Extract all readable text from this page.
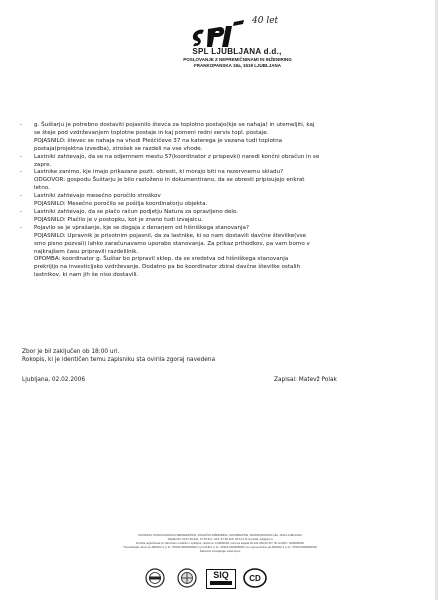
40 let
SPL LJUBLJANA d.d.,
POSLOVANJE Z NEPREMIČNINAMI IN INŽENIRING
FRANKOPANSKA 18a, 1519 LJUBLJANA
- g. Šuštarju je potrebno dostaviti pojasnilo števca za toplotno postajo(kje se nahaja) in utemeljiti, kaj
se šteje pod vzdrževanjem toplotne postaje in kaj pomeni redni servis topl. postaje.
POJASNILO: števec se nahaja na vhodi Pleščičeve 37 na katerega je vezana tudi toplotna
postaja(projektna izvedba), strošek se razdeli na vse vhode.
- Lastniki zahtevajo, da se na odjemnem mestu 57(koordinator z prispevki) naredi končni obračun in se
zapre.
- Lastnike zanimo, kje imajo prikazane pozit. obresti, ki morajo biti na rezervnemu skladu?
ODGOVOR: gospodu Šuštarju je bilo razloženo in dokumentirano, da se obresti pripisujejo enkrat
letno.
- Lastniki zahtevajo mesečno poročilo stroškov
POJASNILO: Mesečno poročilo se pošilja koordinatorju objekta.
- Lastniki zahtevajo, da se plačo račun podjetju Natura za opravljeno delo.
POJASNILO: Plačilo je v postopku, kot je znano tudi izvajalcu.
- Pojavilo se je vprašanje, kje se dogaja z denarjem od hišniškega stanovanja?
POJASNILO: Upravnik je prisotnim pojasnil, da za lastnike, ki so nam dostavili davčne številke(vse
smo pisno pozvali) lahko zaračunavamo uporabo stanovanja. Za prikaz prihodkov, pa vam bomo v
najkrajšem času pripravili razdelilnik.
OPOMBA: koordinator g. Šuštar bo pripravil sklep, da se sredstva od hišniškega stanovanja
prekrijijo na investicijsko vzdrževanje. Dodatno pa bo koordinator zbiral davčne številke ostalih
lastnikov, ki nam jih še niso dostavili.
Zbor je bil zaključen ob 18:00 uri.
Rokopis, ki je identičen temu zapisniku sta ovirila zgoraj navedena
Ljubljana, 02.02.2006	Zapisal: Matevž Polak
SOCIETAS STANOVANJSKIH NEPREMIČNIN, FINANČNI INŽENIRING, INFORMATIKE, FRANKOPANSKA 18a, 1519 LJUBLJANA
TELEFON: 01/47 50-911, 47 50-917, FAX: 47 50-915, 25-14-171 E-pošta: spl@spl.si
Družba registrirana pri Okrožnem sodišču v Ljubljani, vložek št. 1/00000/00, osnovni kapital 94.231.000,00 SIT, ID za DDV: SI20000000
Transakcijski račun pri ABANKI d.d. št.: 05100-8000000000 in pri NLB d.d. št.: 02922-0000000000, ter nepremičnine pri ABANKI d.d. št.: 05100-8000000000
Kakovost upravljanja: www.spl.si
SIQ	CD
